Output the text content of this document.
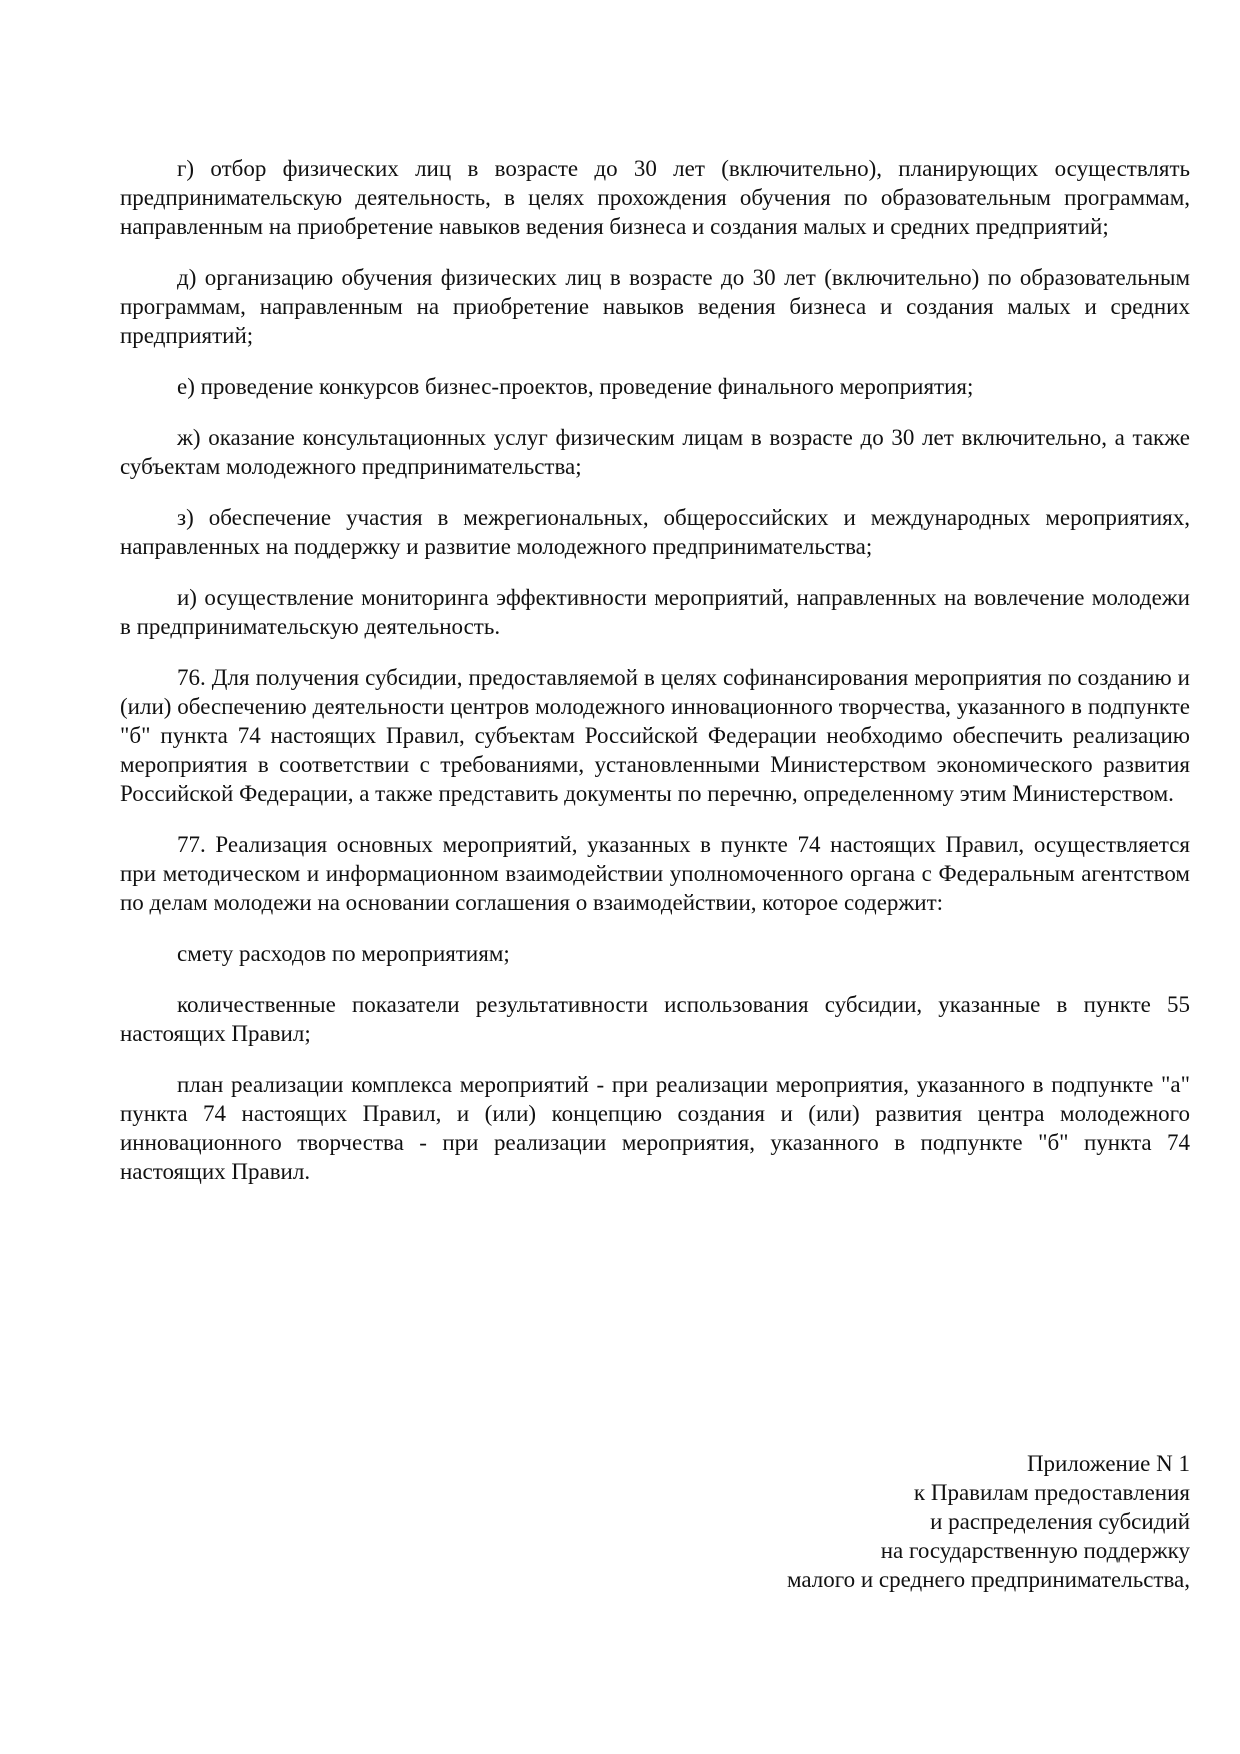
г) отбор физических лиц в возрасте до 30 лет (включительно), планирующих осуществлять предпринимательскую деятельность, в целях прохождения обучения по образовательным программам, направленным на приобретение навыков ведения бизнеса и создания малых и средних предприятий;

д) организацию обучения физических лиц в возрасте до 30 лет (включительно) по образовательным программам, направленным на приобретение навыков ведения бизнеса и создания малых и средних предприятий;

е) проведение конкурсов бизнес-проектов, проведение финального мероприятия;

ж) оказание консультационных услуг физическим лицам в возрасте до 30 лет включительно, а также субъектам молодежного предпринимательства;

з) обеспечение участия в межрегиональных, общероссийских и международных мероприятиях, направленных на поддержку и развитие молодежного предпринимательства;

и) осуществление мониторинга эффективности мероприятий, направленных на вовлечение молодежи в предпринимательскую деятельность.

76. Для получения субсидии, предоставляемой в целях софинансирования мероприятия по созданию и (или) обеспечению деятельности центров молодежного инновационного творчества, указанного в подпункте "б" пункта 74 настоящих Правил, субъектам Российской Федерации необходимо обеспечить реализацию мероприятия в соответствии с требованиями, установленными Министерством экономического развития Российской Федерации, а также представить документы по перечню, определенному этим Министерством.

77. Реализация основных мероприятий, указанных в пункте 74 настоящих Правил, осуществляется при методическом и информационном взаимодействии уполномоченного органа с Федеральным агентством по делам молодежи на основании соглашения о взаимодействии, которое содержит:

смету расходов по мероприятиям;

количественные показатели результативности использования субсидии, указанные в пункте 55 настоящих Правил;

план реализации комплекса мероприятий - при реализации мероприятия, указанного в подпункте "а" пункта 74 настоящих Правил, и (или) концепцию создания и (или) развития центра молодежного инновационного творчества - при реализации мероприятия, указанного в подпункте "б" пункта 74 настоящих Правил.

Приложение N 1
к Правилам предоставления
и распределения субсидий
на государственную поддержку
малого и среднего предпринимательства,
